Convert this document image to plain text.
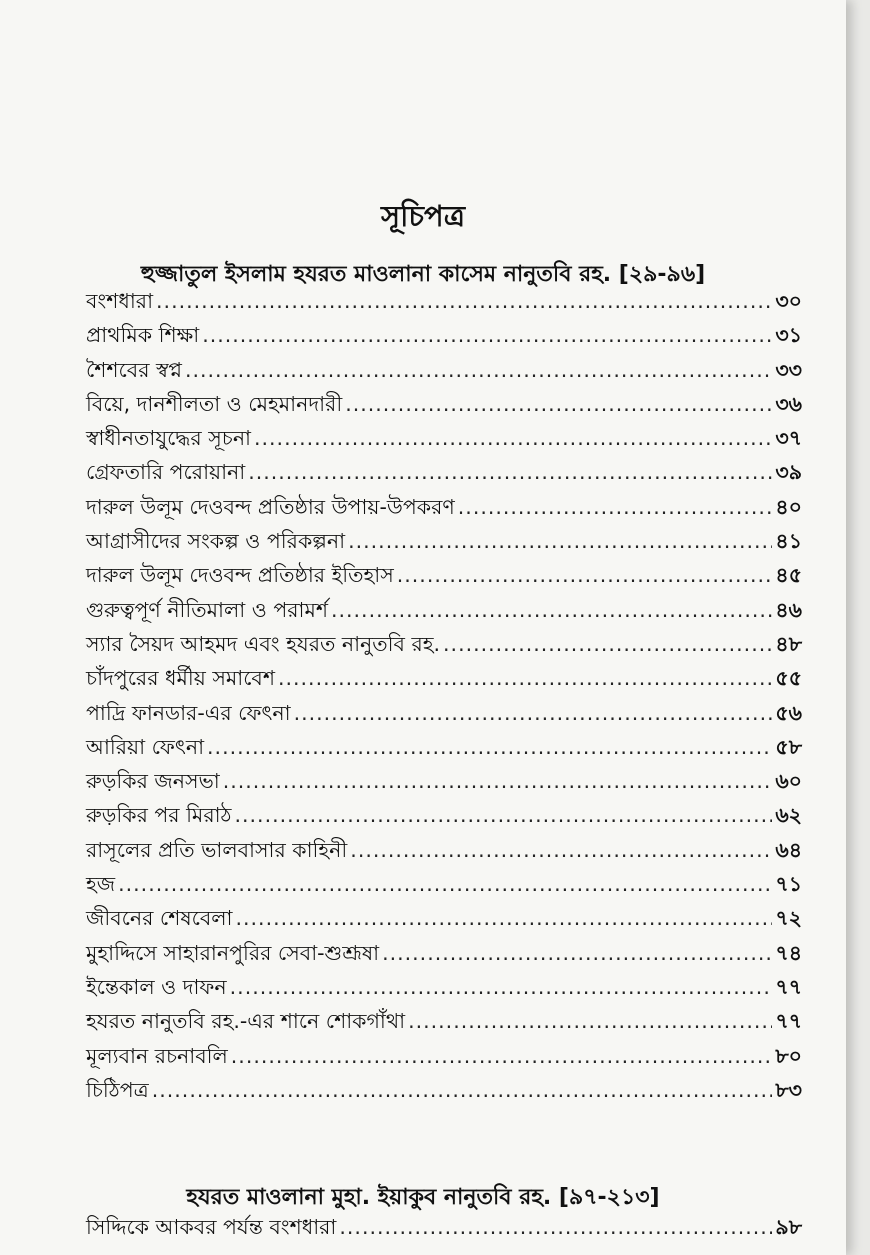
সূচিপত্র
হুজ্জাতুল ইসলাম হযরত মাওলানা কাসেম নানুতবি রহ. [২৯-৯৬]
বংশধারা .....	৩০
প্রাথমিক শিক্ষা .....	৩১
শৈশবের স্বপ্ন .....	৩৩
বিয়ে, দানশীলতা ও মেহমানদারী .....	৩৬
স্বাধীনতাযুদ্ধের সূচনা .....	৩৭
গ্রেফতারি পরোয়ানা .....	৩৯
দারুল উলূম দেওবন্দ প্রতিষ্ঠার উপায়-উপকরণ .....	৪০
আগ্রাসীদের সংকল্প ও পরিকল্পনা .....	৪১
দারুল উলূম দেওবন্দ প্রতিষ্ঠার ইতিহাস .....	৪৫
গুরুত্বপূর্ণ নীতিমালা ও পরামর্শ .....	৪৬
স্যার সৈয়দ আহমদ এবং হযরত নানুতবি রহ. .....	৪৮
চাঁদপুরের ধর্মীয় সমাবেশ .....	৫৫
পাদ্রি ফানডার-এর ফেৎনা .....	৫৬
আরিয়া ফেৎনা .....	৫৮
রুড়কির জনসভা .....	৬০
রুড়কির পর মিরাঠ .....	৬২
রাসূলের প্রতি ভালবাসার কাহিনী .....	৬৪
হজ .....	৭১
জীবনের শেষবেলা .....	৭২
মুহাদ্দিসে সাহারানপুরির সেবা-শুশ্রূষা .....	৭৪
ইন্তেকাল ও দাফন .....	৭৭
হযরত নানুতবি রহ.-এর শানে শোকগাঁথা .....	৭৭
মূল্যবান রচনাবলি .....	৮০
চিঠিপত্র .....	৮৩
হযরত মাওলানা মুহা. ইয়াকুব নানুতবি রহ. [৯৭-২১৩]
সিদ্দিকে আকবর পর্যন্ত বংশধারা .....	৯৮
